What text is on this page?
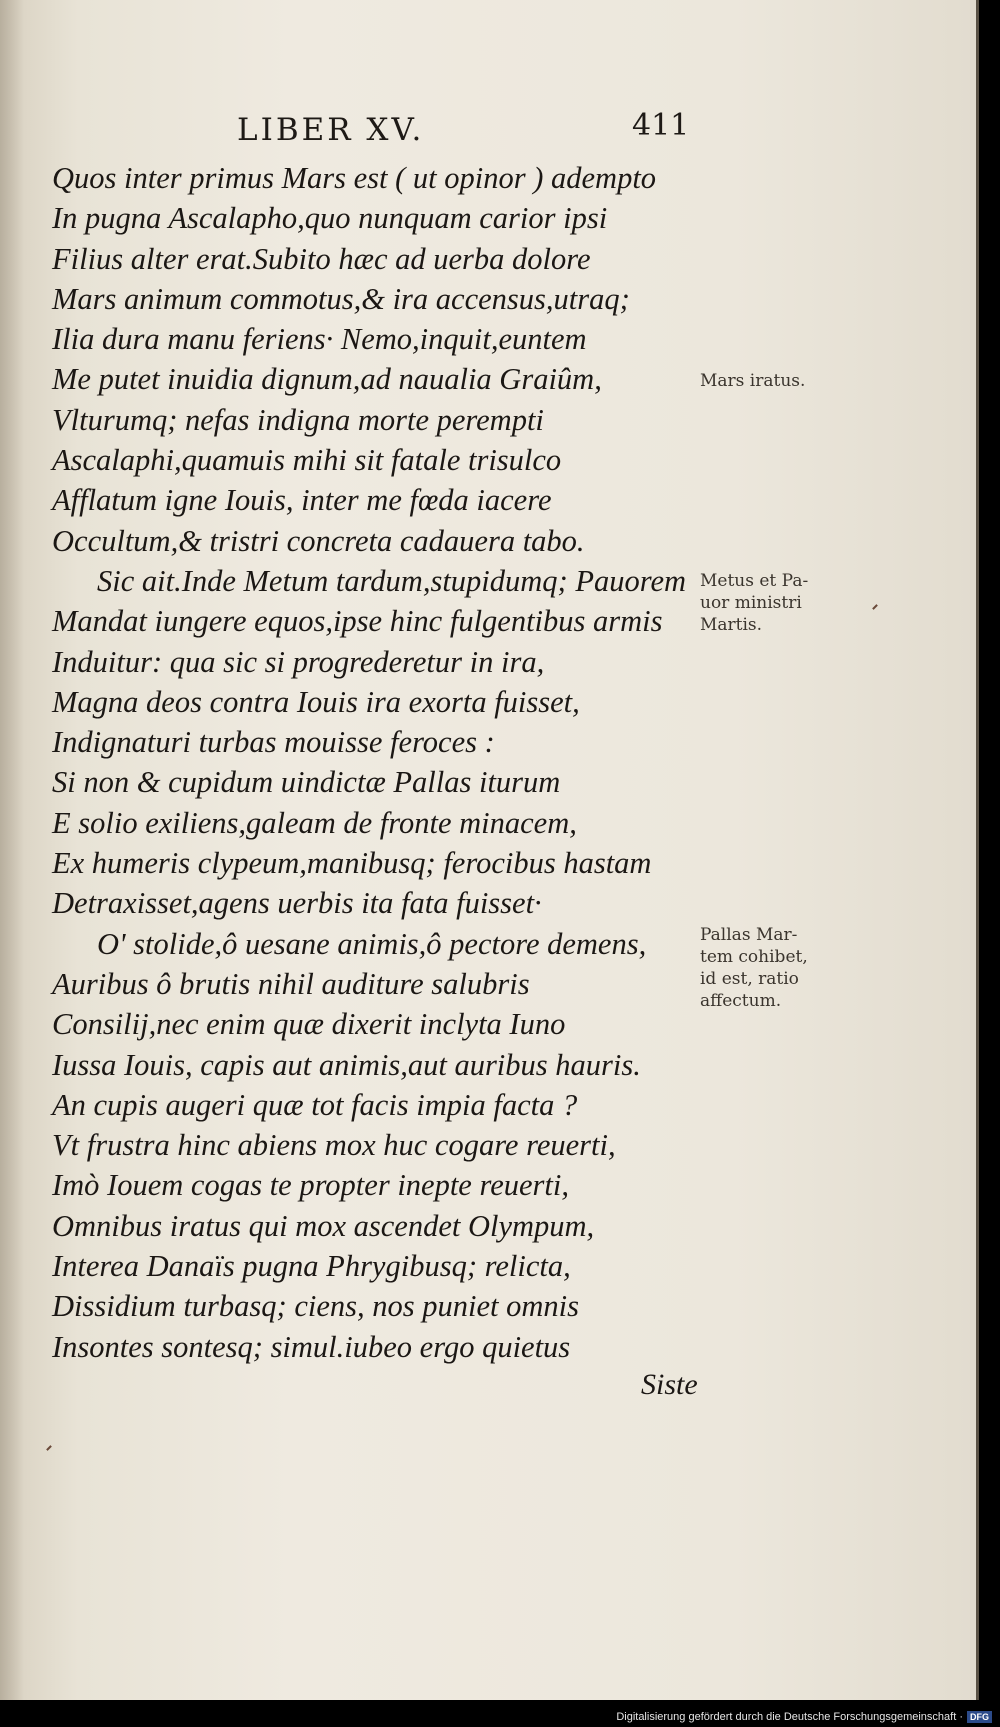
LIBER XV.	411
Quos inter primus Mars est ( ut opinor ) adempto
In pugna Ascalapho,quo nunquam carior ipsi
Filius alter erat.Subito hæc ad uerba dolore
Mars animum commotus,& ira accensus,utraq;
Ilia dura manu feriens· Nemo,inquit,euntem
Me putet inuidia dignum,ad naualia Graiûm,
Vlturumq; nefas indigna morte perempti
Ascalaphi,quamuis mihi sit fatale trisulco
Afflatum igne Iouis, inter me fœda iacere
Occultum,& tristri concreta cadauera tabo.
Sic ait.Inde Metum tardum,stupidumq; Pauorem
Mandat iungere equos,ipse hinc fulgentibus armis
Induitur: qua sic si progrederetur in ira,
Magna deos contra Iouis ira exorta fuisset,
Indignaturi turbas mouisse feroces :
Si non & cupidum uindictæ Pallas iturum
E solio exiliens,galeam de fronte minacem,
Ex humeris clypeum,manibusq; ferocibus hastam
Detraxisset,agens uerbis ita fata fuisset·
O' stolide,ô uesane animis,ô pectore demens,
Auribus ô brutis nihil auditure salubris
Consilij,nec enim quæ dixerit inclyta Iuno
Iussa Iouis, capis aut animis,aut auribus hauris.
An cupis augeri quæ tot facis impia facta ?
Vt frustra hinc abiens mox huc cogare reuerti,
Imò Iouem cogas te propter inepte reuerti,
Omnibus iratus qui mox ascendet Olympum,
Interea Danaïs pugna Phrygibusq; relicta,
Dissidium turbasq; ciens, nos puniet omnis
Insontes sontesq; simul.iubeo ergo quietus
Mars iratus.
Metus et Pa-
uor ministri
Martis.
Pallas Mar-
tem cohibet,
id est, ratio
affectum.
Siste
Digitalisierung gefördert durch die Deutsche Forschungsgemeinschaft · DFG
